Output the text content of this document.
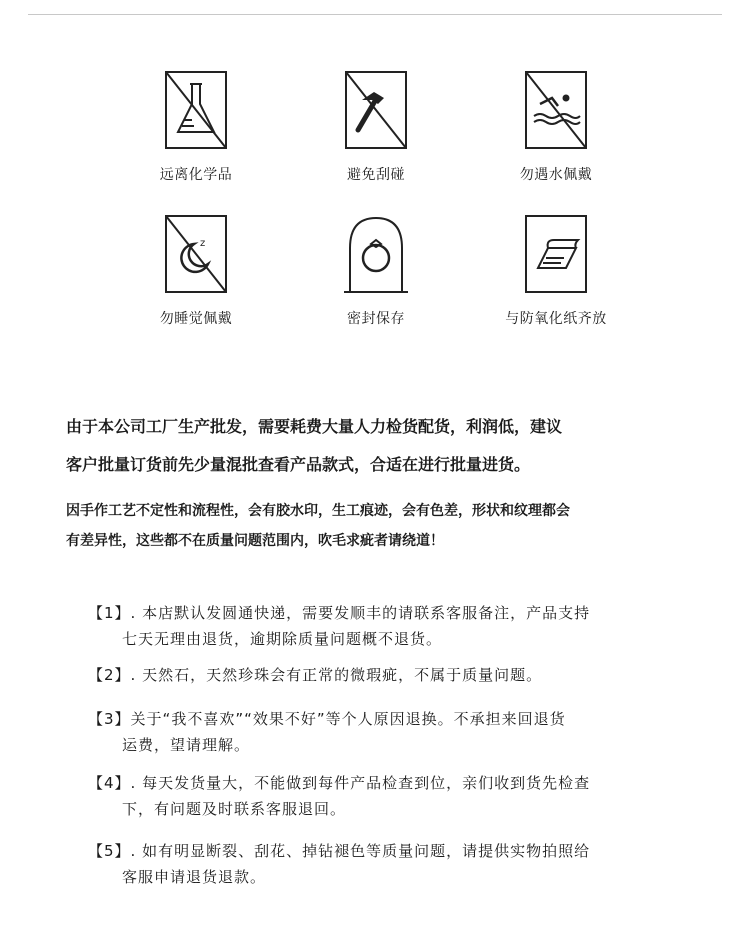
远离化学品	避免刮碰	勿遇水佩戴
z
勿睡觉佩戴	密封保存	与防氧化纸齐放
由于本公司工厂生产批发，需要耗费大量人力检货配货，利润低，建议
客户批量订货前先少量混批查看产品款式，合适在进行批量进货。
因手作工艺不定性和流程性，会有胶水印，生工痕迹，会有色差，形状和纹理都会
有差异性，这些都不在质量问题范围内，吹毛求疵者请绕道！
【1】. 本店默认发圆通快递，需要发顺丰的请联系客服备注，产品支持
七天无理由退货，逾期除质量问题概不退货。
【2】. 天然石，天然珍珠会有正常的微瑕疵，不属于质量问题。
【3】关于“我不喜欢”“效果不好”等个人原因退换。不承担来回退货
运费，望请理解。
【4】. 每天发货量大，不能做到每件产品检查到位，亲们收到货先检查
下，有问题及时联系客服退回。
【5】. 如有明显断裂、刮花、掉钻褪色等质量问题，请提供实物拍照给
客服申请退货退款。
